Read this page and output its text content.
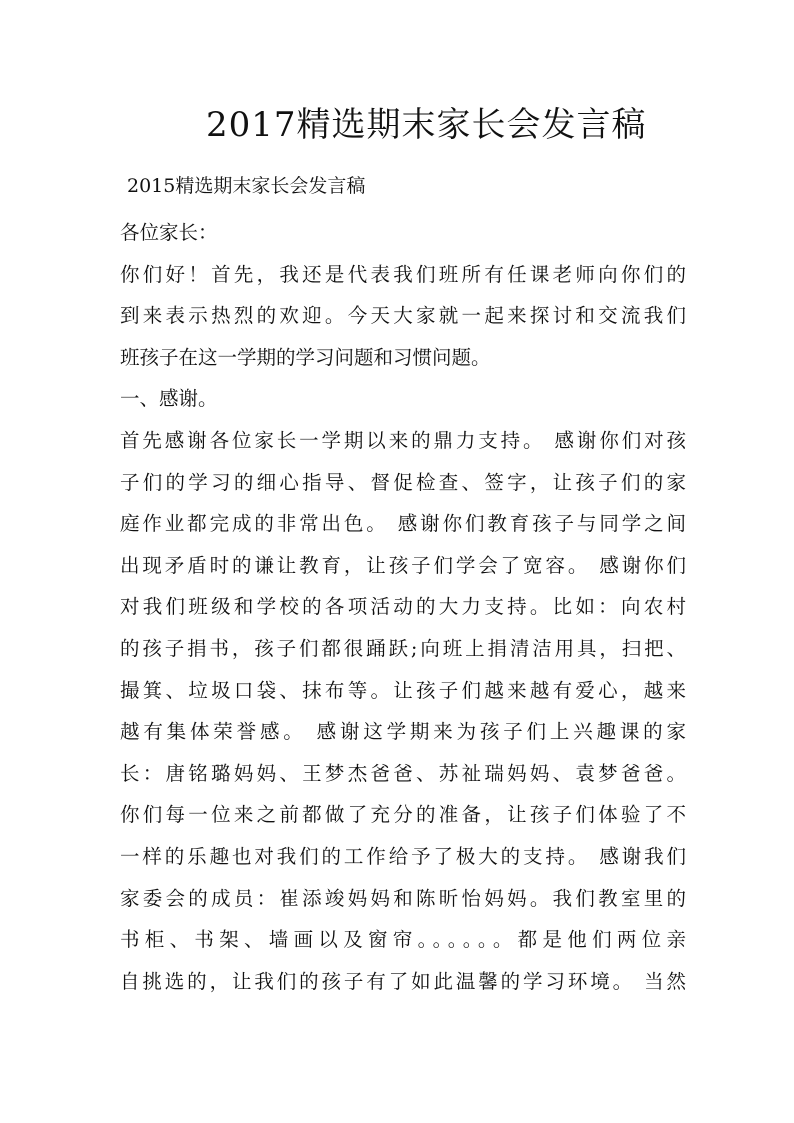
2017精选期末家长会发言稿
2015精选期末家长会发言稿
各位家长：
你们好！首先，我还是代表我们班所有任课老师向你们的
到来表示热烈的欢迎。今天大家就一起来探讨和交流我们
班孩子在这一学期的学习问题和习惯问题。
一、感谢。
首先感谢各位家长一学期以来的鼎力支持。 感谢你们对孩
子们的学习的细心指导、督促检查、签字，让孩子们的家
庭作业都完成的非常出色。 感谢你们教育孩子与同学之间
出现矛盾时的谦让教育，让孩子们学会了宽容。 感谢你们
对我们班级和学校的各项活动的大力支持。比如：向农村
的孩子捐书，孩子们都很踊跃;向班上捐清洁用具，扫把、
撮箕、垃圾口袋、抹布等。让孩子们越来越有爱心，越来
越有集体荣誉感。 感谢这学期来为孩子们上兴趣课的家
长：唐铭璐妈妈、王梦杰爸爸、苏祉瑞妈妈、袁梦爸爸。
你们每一位来之前都做了充分的准备，让孩子们体验了不
一样的乐趣也对我们的工作给予了极大的支持。 感谢我们
家委会的成员：崔添竣妈妈和陈昕怡妈妈。我们教室里的
书柜、书架、墙画以及窗帘。。。。。。都是他们两位亲
自挑选的，让我们的孩子有了如此温馨的学习环境。 当然
